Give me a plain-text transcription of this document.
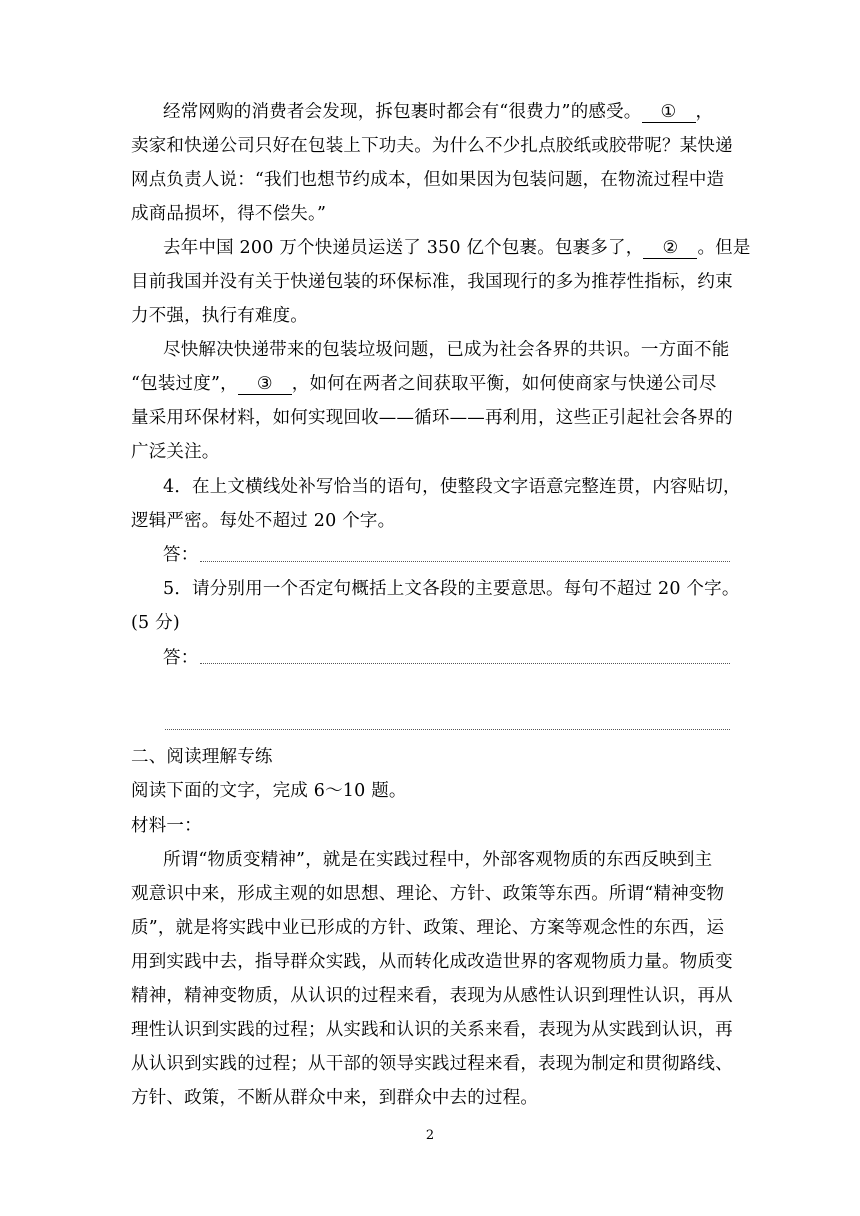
经常网购的消费者会发现，拆包裹时都会有“很费力”的感受。 ① ，
卖家和快递公司只好在包装上下功夫。为什么不少扎点胶纸或胶带呢？某快递
网点负责人说：“我们也想节约成本，但如果因为包装问题，在物流过程中造
成商品损坏，得不偿失。”
去年中国 200 万个快递员运送了 350 亿个包裹。包裹多了， ② 。但是
目前我国并没有关于快递包装的环保标准，我国现行的多为推荐性指标，约束
力不强，执行有难度。
尽快解决快递带来的包装垃圾问题，已成为社会各界的共识。一方面不能
“包装过度”， ③ ，如何在两者之间获取平衡，如何使商家与快递公司尽
量采用环保材料，如何实现回收——循环——再利用，这些正引起社会各界的
广泛关注。
4．在上文横线处补写恰当的语句，使整段文字语意完整连贯，内容贴切，
逻辑严密。每处不超过 20 个字。
答：
5．请分别用一个否定句概括上文各段的主要意思。每句不超过 20 个字。
(5 分)
答：
二、阅读理解专练
阅读下面的文字，完成 6～10 题。
材料一：
所谓“物质变精神”，就是在实践过程中，外部客观物质的东西反映到主
观意识中来，形成主观的如思想、理论、方针、政策等东西。所谓“精神变物
质”，就是将实践中业已形成的方针、政策、理论、方案等观念性的东西，运
用到实践中去，指导群众实践，从而转化成改造世界的客观物质力量。物质变
精神，精神变物质，从认识的过程来看，表现为从感性认识到理性认识，再从
理性认识到实践的过程；从实践和认识的关系来看，表现为从实践到认识，再
从认识到实践的过程；从干部的领导实践过程来看，表现为制定和贯彻路线、
方针、政策，不断从群众中来，到群众中去的过程。
2
